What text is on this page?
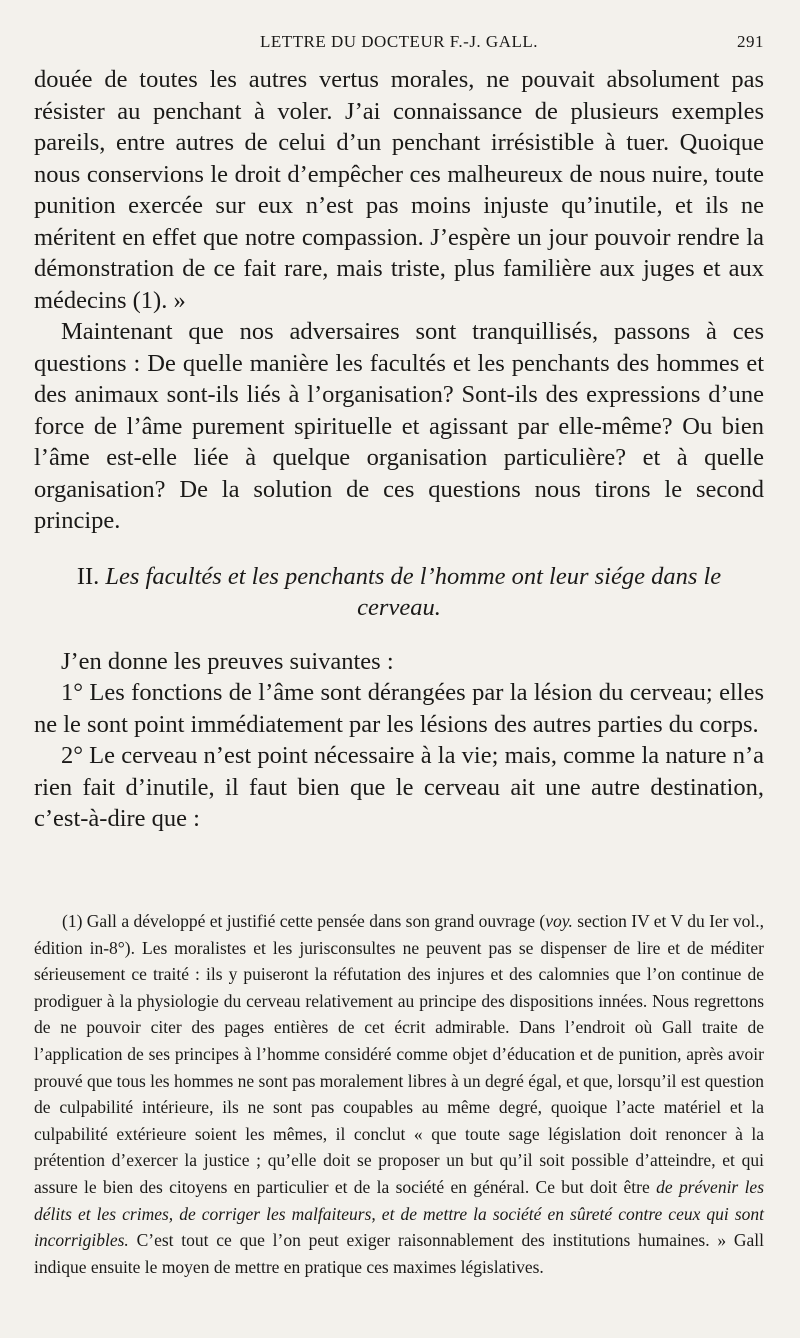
LETTRE DU DOCTEUR F.-J. GALL.	291

douée de toutes les autres vertus morales, ne pouvait absolument pas résister au penchant à voler. J’ai connaissance de plusieurs exemples pareils, entre autres de celui d’un penchant irrésistible à tuer. Quoique nous conservions le droit d’empêcher ces malheureux de nous nuire, toute punition exercée sur eux n’est pas moins injuste qu’inutile, et ils ne méritent en effet que notre compassion. J’espère un jour pouvoir rendre la démonstration de ce fait rare, mais triste, plus familière aux juges et aux médecins (1). »

Maintenant que nos adversaires sont tranquillisés, passons à ces questions : De quelle manière les facultés et les penchants des hommes et des animaux sont-ils liés à l’organisation? Sont-ils des expressions d’une force de l’âme purement spirituelle et agissant par elle-même? Ou bien l’âme est-elle liée à quelque organisation particulière? et à quelle organisation? De la solution de ces questions nous tirons le second principe.

II. Les facultés et les penchants de l’homme ont leur siége dans le cerveau.

J’en donne les preuves suivantes :

1° Les fonctions de l’âme sont dérangées par la lésion du cerveau; elles ne le sont point immédiatement par les lésions des autres parties du corps.

2° Le cerveau n’est point nécessaire à la vie; mais, comme la nature n’a rien fait d’inutile, il faut bien que le cerveau ait une autre destination, c’est-à-dire que :

(1) Gall a développé et justifié cette pensée dans son grand ouvrage (voy. section IV et V du Ier vol., édition in-8°). Les moralistes et les jurisconsultes ne peuvent pas se dispenser de lire et de méditer sérieusement ce traité : ils y puiseront la réfutation des injures et des calomnies que l’on continue de prodiguer à la physiologie du cerveau relativement au principe des dispositions innées. Nous regrettons de ne pouvoir citer des pages entières de cet écrit admirable. Dans l’endroit où Gall traite de l’application de ses principes à l’homme considéré comme objet d’éducation et de punition, après avoir prouvé que tous les hommes ne sont pas moralement libres à un degré égal, et que, lorsqu’il est question de culpabilité intérieure, ils ne sont pas coupables au même degré, quoique l’acte matériel et la culpabilité extérieure soient les mêmes, il conclut « que toute sage législation doit renoncer à la prétention d’exercer la justice ; qu’elle doit se proposer un but qu’il soit possible d’atteindre, et qui assure le bien des citoyens en particulier et de la société en général. Ce but doit être de prévenir les délits et les crimes, de corriger les malfaiteurs, et de mettre la société en sûreté contre ceux qui sont incorrigibles. C’est tout ce que l’on peut exiger raisonnablement des institutions humaines. » Gall indique ensuite le moyen de mettre en pratique ces maximes législatives.
